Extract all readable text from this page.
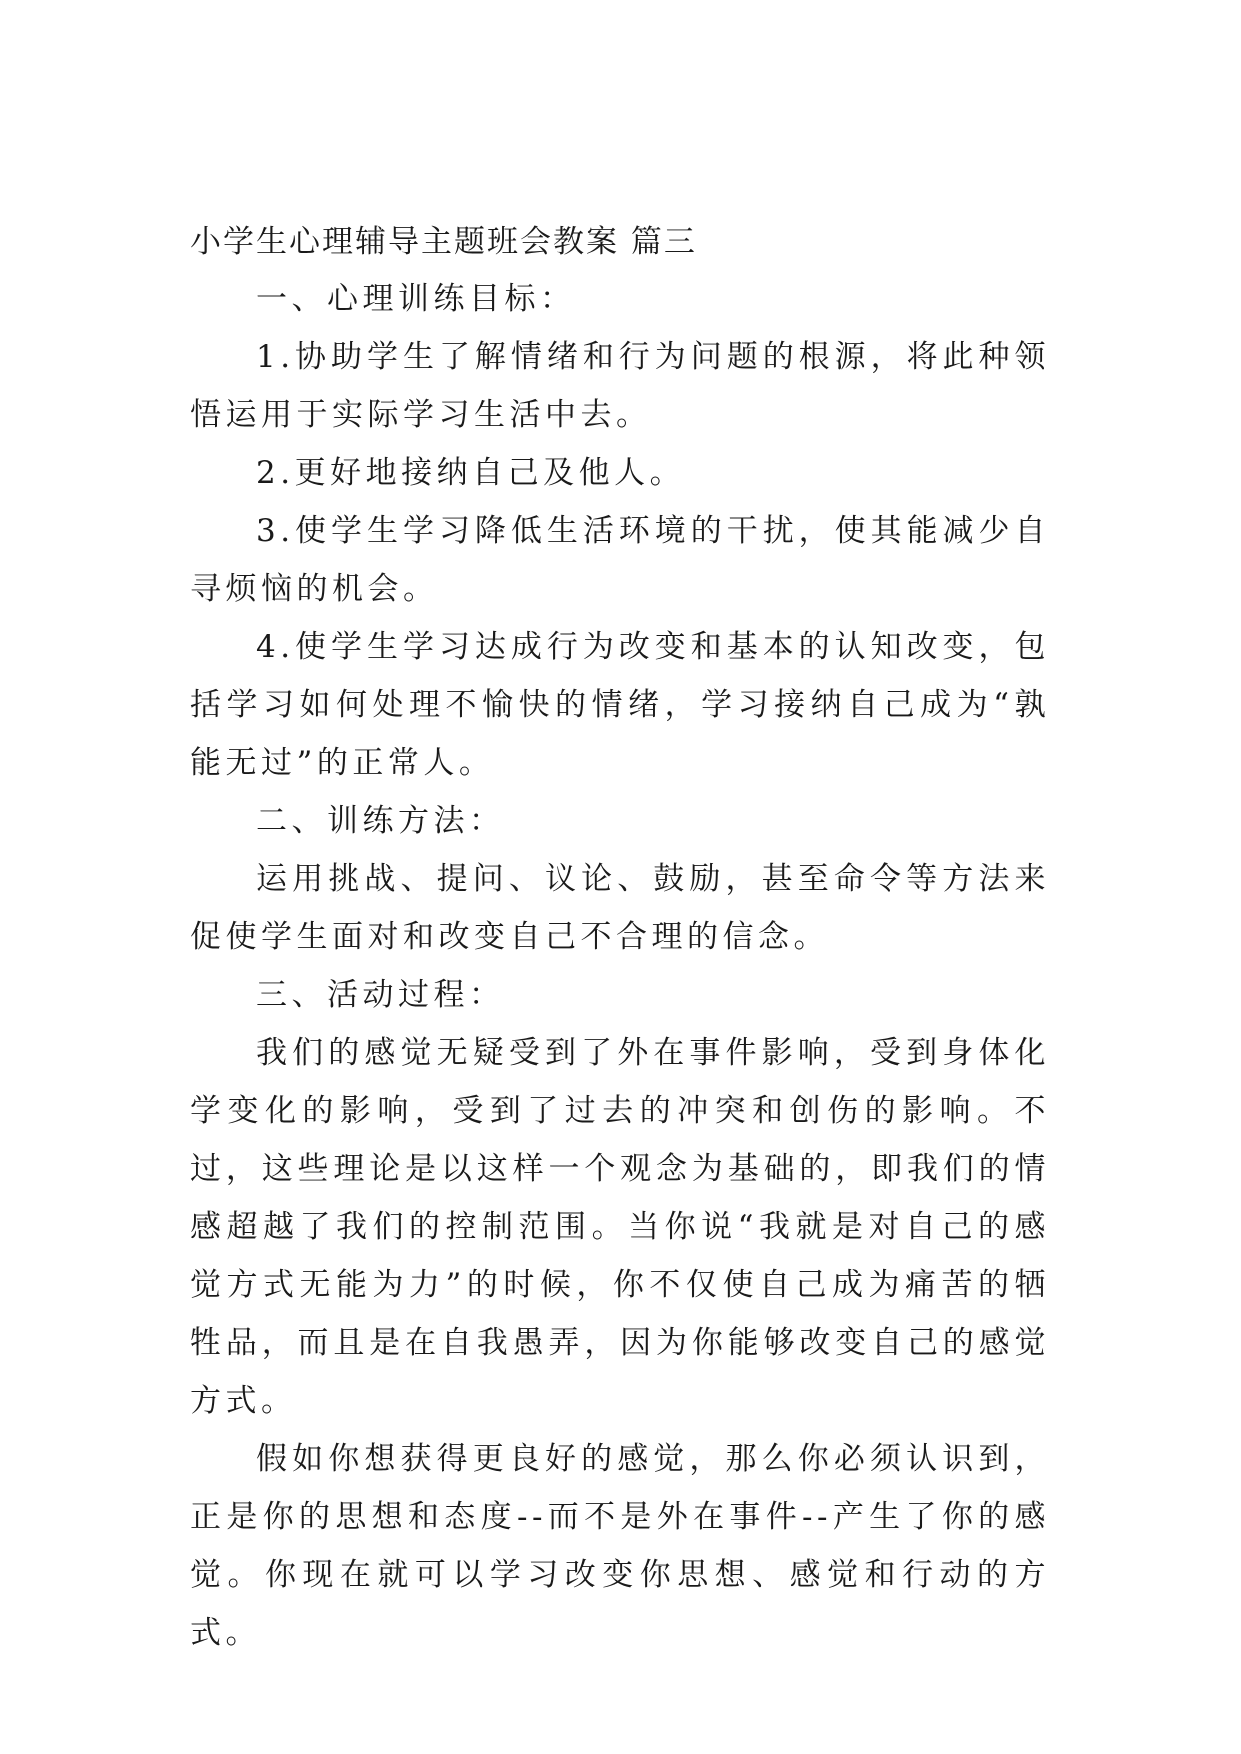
小学生心理辅导主题班会教案 篇三

一、心理训练目标：

1.协助学生了解情绪和行为问题的根源，将此种领悟运用于实际学习生活中去。

2.更好地接纳自己及他人。

3.使学生学习降低生活环境的干扰，使其能减少自寻烦恼的机会。

4.使学生学习达成行为改变和基本的认知改变，包括学习如何处理不愉快的情绪，学习接纳自己成为“孰能无过”的正常人。

二、训练方法：

运用挑战、提问、议论、鼓励，甚至命令等方法来促使学生面对和改变自己不合理的信念。

三、活动过程：

我们的感觉无疑受到了外在事件影响，受到身体化学变化的影响，受到了过去的冲突和创伤的影响。不过，这些理论是以这样一个观念为基础的，即我们的情感超越了我们的控制范围。当你说“我就是对自己的感觉方式无能为力”的时候，你不仅使自己成为痛苦的牺牲品，而且是在自我愚弄，因为你能够改变自己的感觉方式。

假如你想获得更良好的感觉，那么你必须认识到，正是你的思想和态度--而不是外在事件--产生了你的感觉。你现在就可以学习改变你思想、感觉和行动的方式。
